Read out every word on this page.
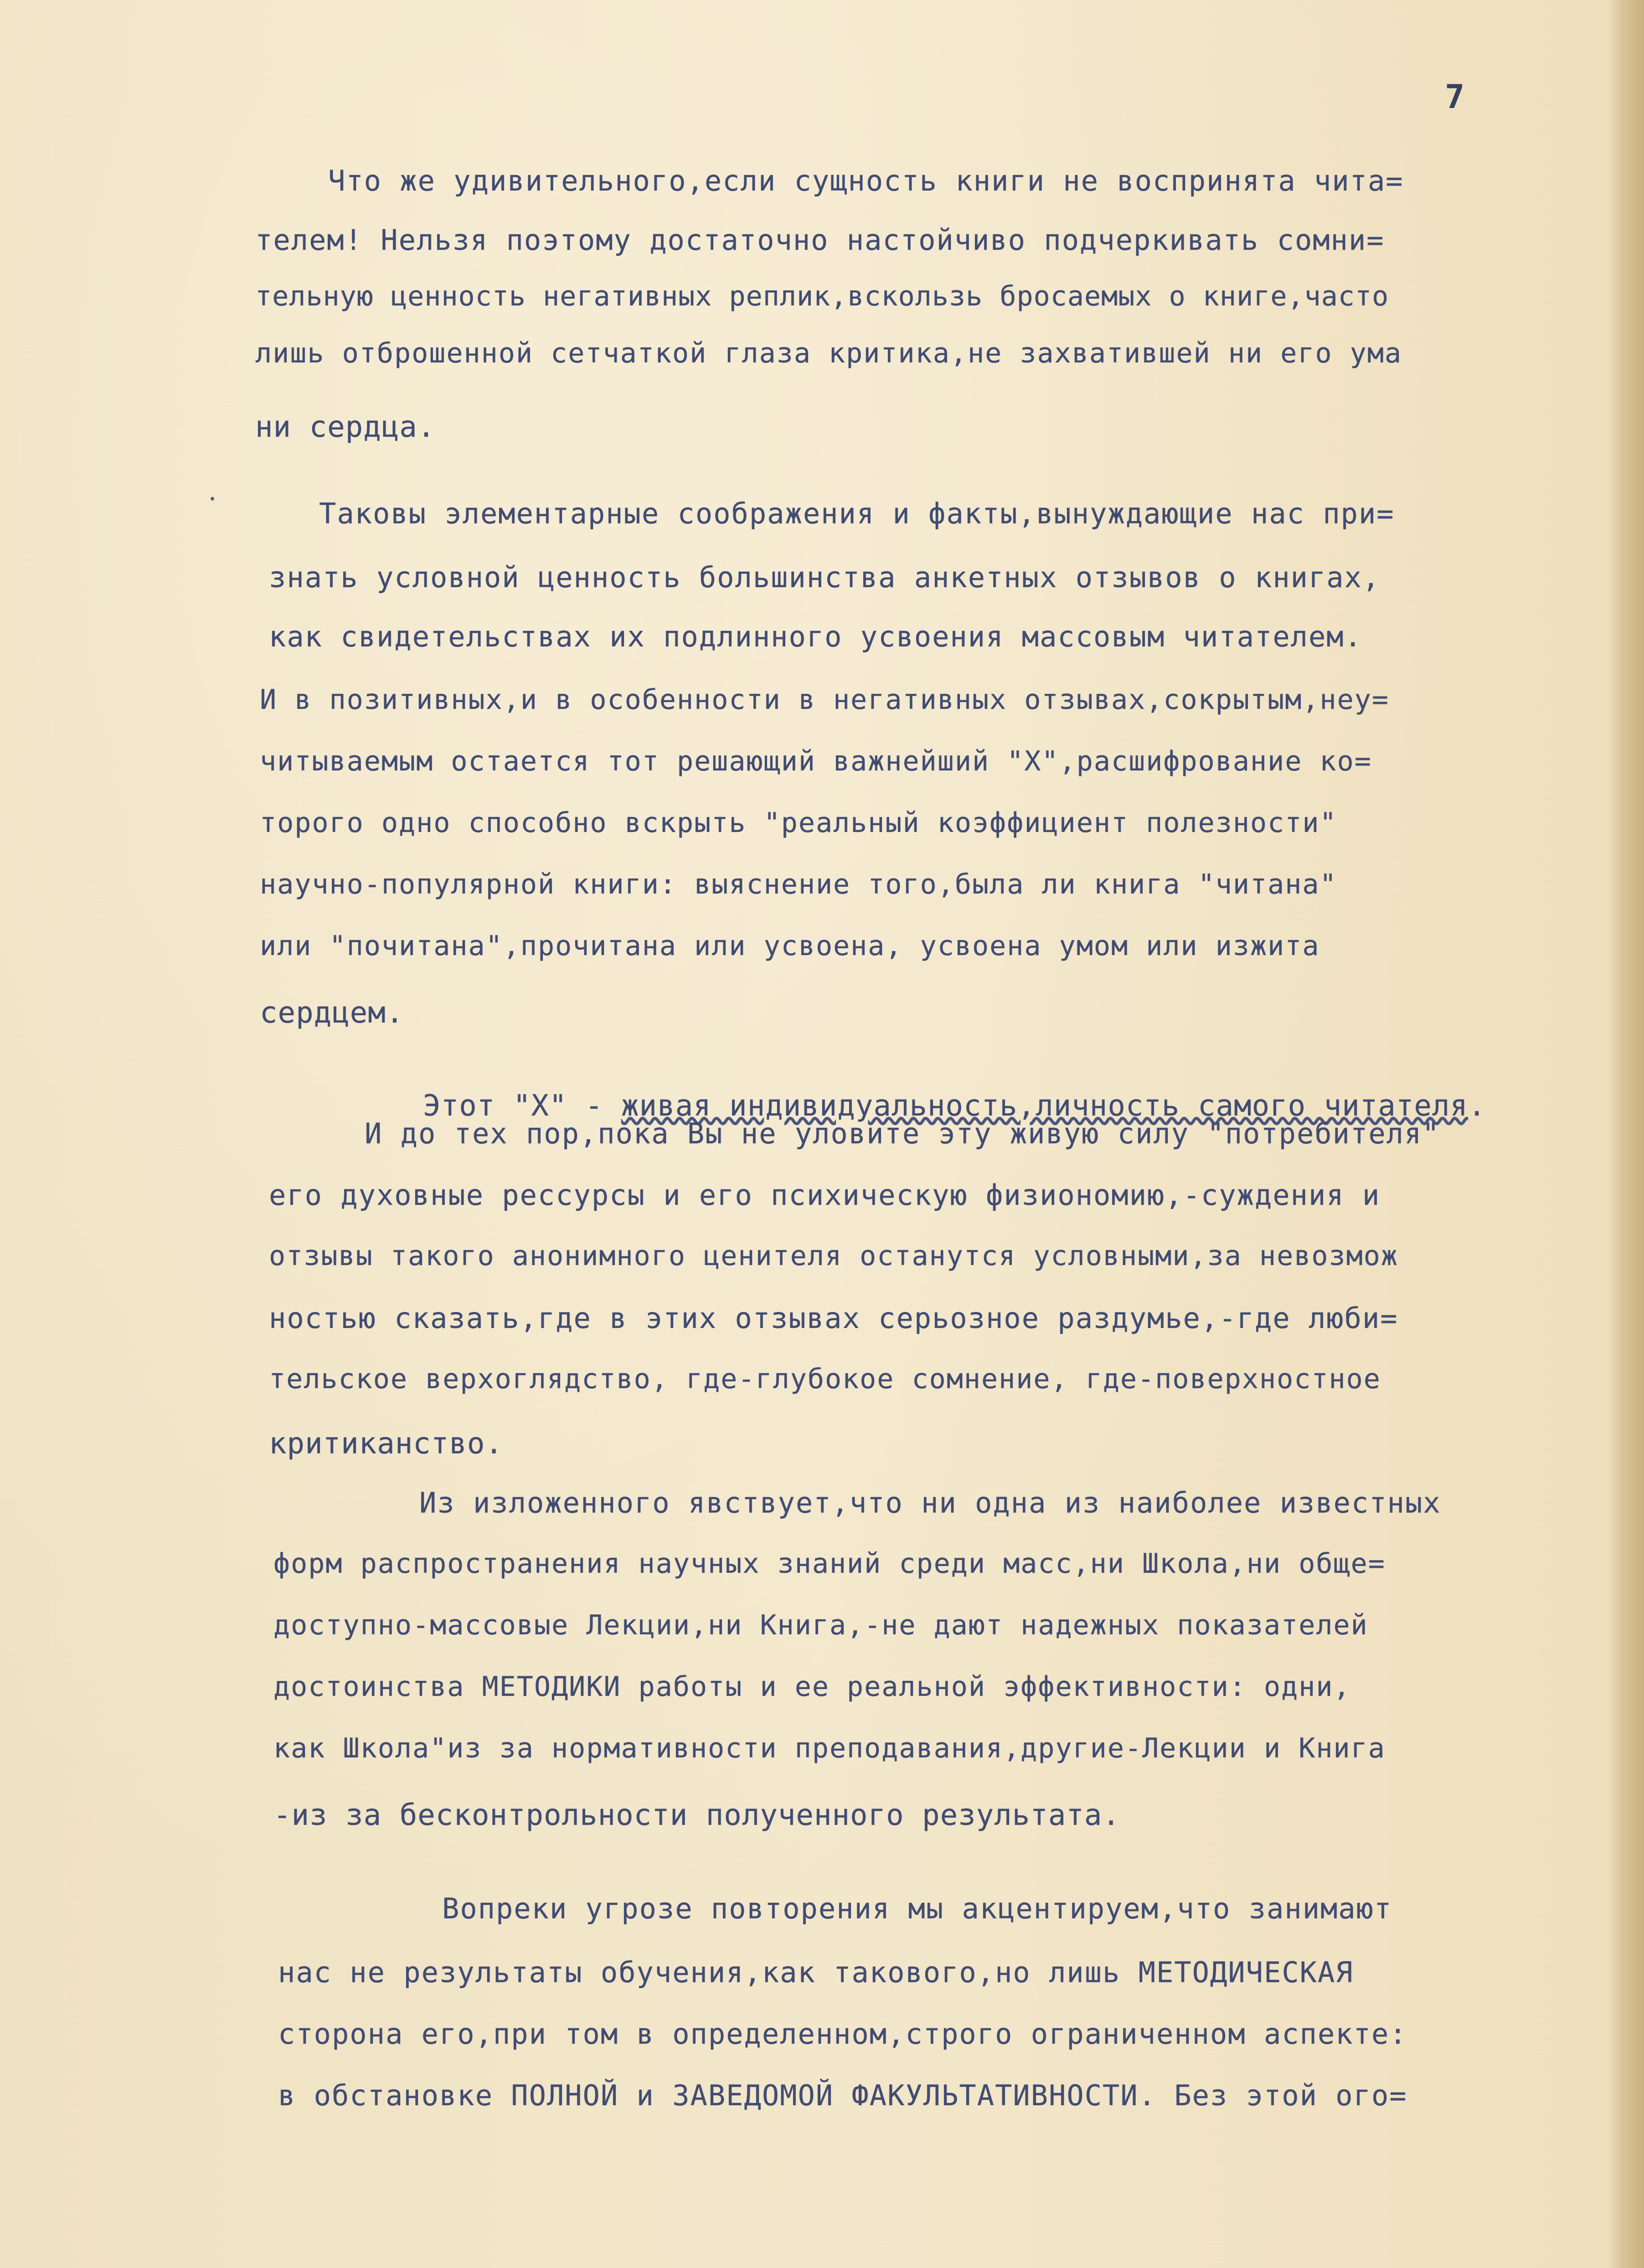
7
Что же удивительного,если сущность книги не воспринята чита=
телем! Нельзя поэтому достаточно настойчиво подчеркивать сомни=
тельную ценность негативных реплик,вскользь бросаемых о книге,часто
лишь отброшенной сетчаткой глаза критика,не захватившей ни его ума
ни сердца.
Таковы элементарные соображения и факты,вынуждающие нас при=
знать условной ценность большинства анкетных отзывов о книгах,
как свидетельствах их подлинного усвоения массовым читателем.
И в позитивных,и в особенности в негативных отзывах,сокрытым,неу=
читываемым остается тот решающий важнейший "Х",расшифрование ко=
торого одно способно вскрыть "реальный коэффициент полезности"
научно-популярной книги: выяснение того,была ли книга "читана"
или "почитана",прочитана или усвоена, усвоена умом или изжита
сердцем.

Этот "Х" - живая индивидуальность,личность самого читателя.

И до тех пор,пока Вы не уловите эту живую силу "потребителя"
его духовные рессурсы и его психическую физиономию,-суждения и
отзывы такого анонимного ценителя останутся условными,за невозмож
ностью сказать,где в этих отзывах серьозное раздумье,-где люби=
тельское верхоглядство, где-глубокое сомнение, где-поверхностное
критиканство.
Из изложенного явствует,что ни одна из наиболее известных
форм распространения научных знаний среди масс,ни Школа,ни обще=
доступно-массовые Лекции,ни Книга,-не дают надежных показателей
достоинства МЕТОДИКИ работы и ее реальной эффективности: одни,
как Школа"из за нормативности преподавания,другие-Лекции и Книга
-из за бесконтрольности полученного результата.
Вопреки угрозе повторения мы акцентируем,что занимают
нас не результаты обучения,как такового,но лишь МЕТОДИЧЕСКАЯ
сторона его,при том в определенном,строго ограниченном аспекте:
в обстановке ПОЛНОЙ и ЗАВЕДОМОЙ ФАКУЛЬТАТИВНОСТИ. Без этой ого=
